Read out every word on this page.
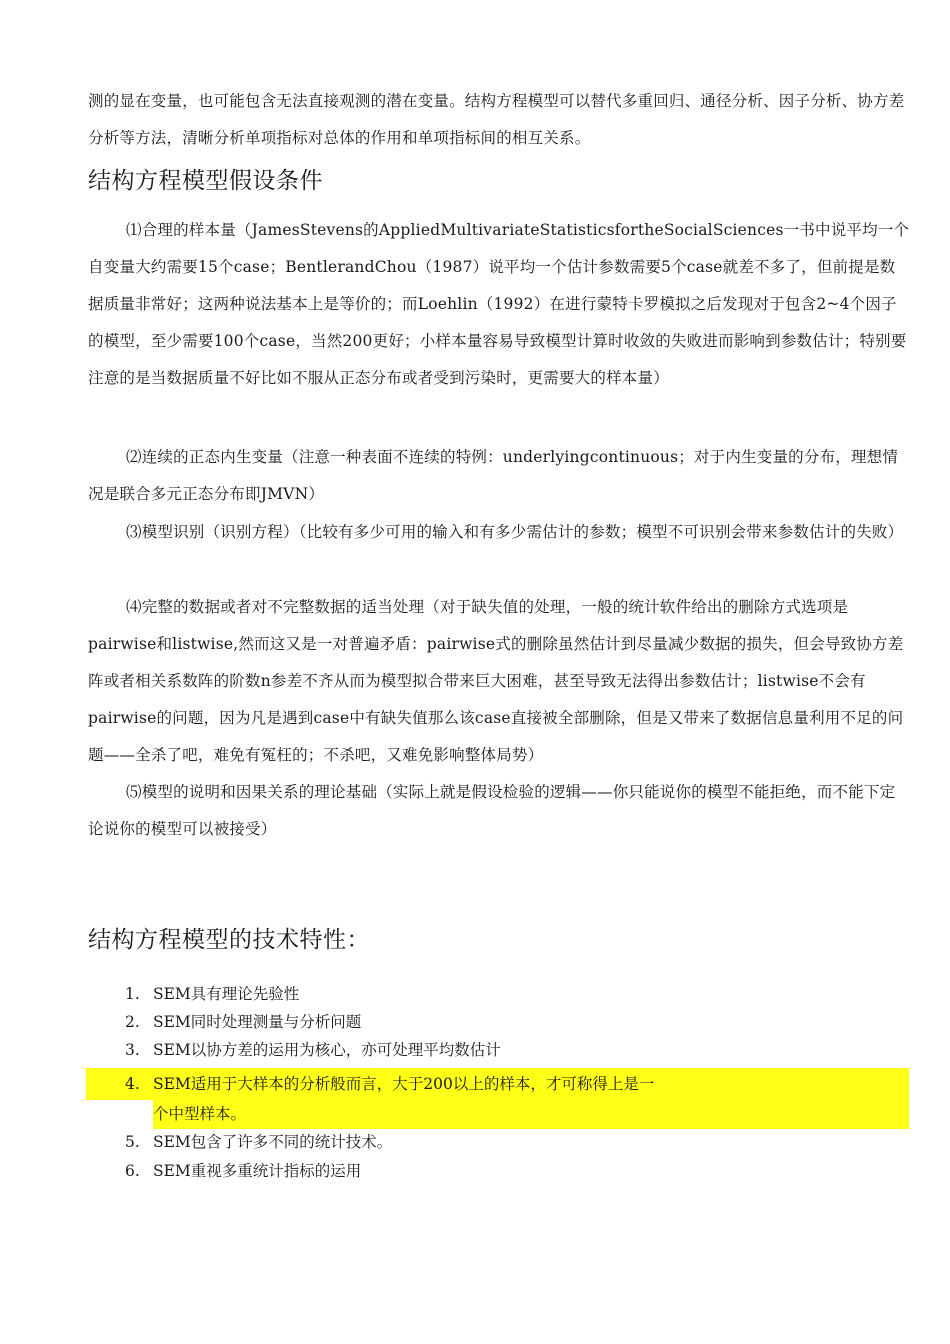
测的显在变量，也可能包含无法直接观测的潜在变量。结构方程模型可以替代多重回归、通径分析、因子分析、协方差分析等方法，清晰分析单项指标对总体的作用和单项指标间的相互关系。
结构方程模型假设条件
⑴合理的样本量（JamesStevens的AppliedMultivariateStatisticsfortheSocialSciences一书中说平均一个自变量大约需要15个case；BentlerandChou（1987）说平均一个估计参数需要5个case就差不多了，但前提是数据质量非常好；这两种说法基本上是等价的；而Loehlin（1992）在进行蒙特卡罗模拟之后发现对于包含2~4个因子的模型，至少需要100个case，当然200更好；小样本量容易导致模型计算时收敛的失败进而影响到参数估计；特别要注意的是当数据质量不好比如不服从正态分布或者受到污染时，更需要大的样本量）
⑵连续的正态内生变量（注意一种表面不连续的特例：underlyingcontinuous；对于内生变量的分布，理想情况是联合多元正态分布即JMVN）
⑶模型识别（识别方程）（比较有多少可用的输入和有多少需估计的参数；模型不可识别会带来参数估计的失败）
⑷完整的数据或者对不完整数据的适当处理（对于缺失值的处理，一般的统计软件给出的删除方式选项是pairwise和listwise,然而这又是一对普遍矛盾：pairwise式的删除虽然估计到尽量减少数据的损失，但会导致协方差阵或者相关系数阵的阶数n参差不齐从而为模型拟合带来巨大困难，甚至导致无法得出参数估计；listwise不会有pairwise的问题，因为凡是遇到case中有缺失值那么该case直接被全部删除，但是又带来了数据信息量利用不足的问题——全杀了吧，难免有冤枉的；不杀吧，又难免影响整体局势）
⑸模型的说明和因果关系的理论基础（实际上就是假设检验的逻辑——你只能说你的模型不能拒绝，而不能下定论说你的模型可以被接受）
结构方程模型的技术特性：
1. SEM具有理论先验性
2. SEM同时处理测量与分析问题
3. SEM以协方差的运用为核心，亦可处理平均数估计
4. SEM适用于大样本的分析般而言，大于200以上的样本，才可称得上是一
个中型样本。
5. SEM包含了许多不同的统计技术。
6. SEM重视多重统计指标的运用
